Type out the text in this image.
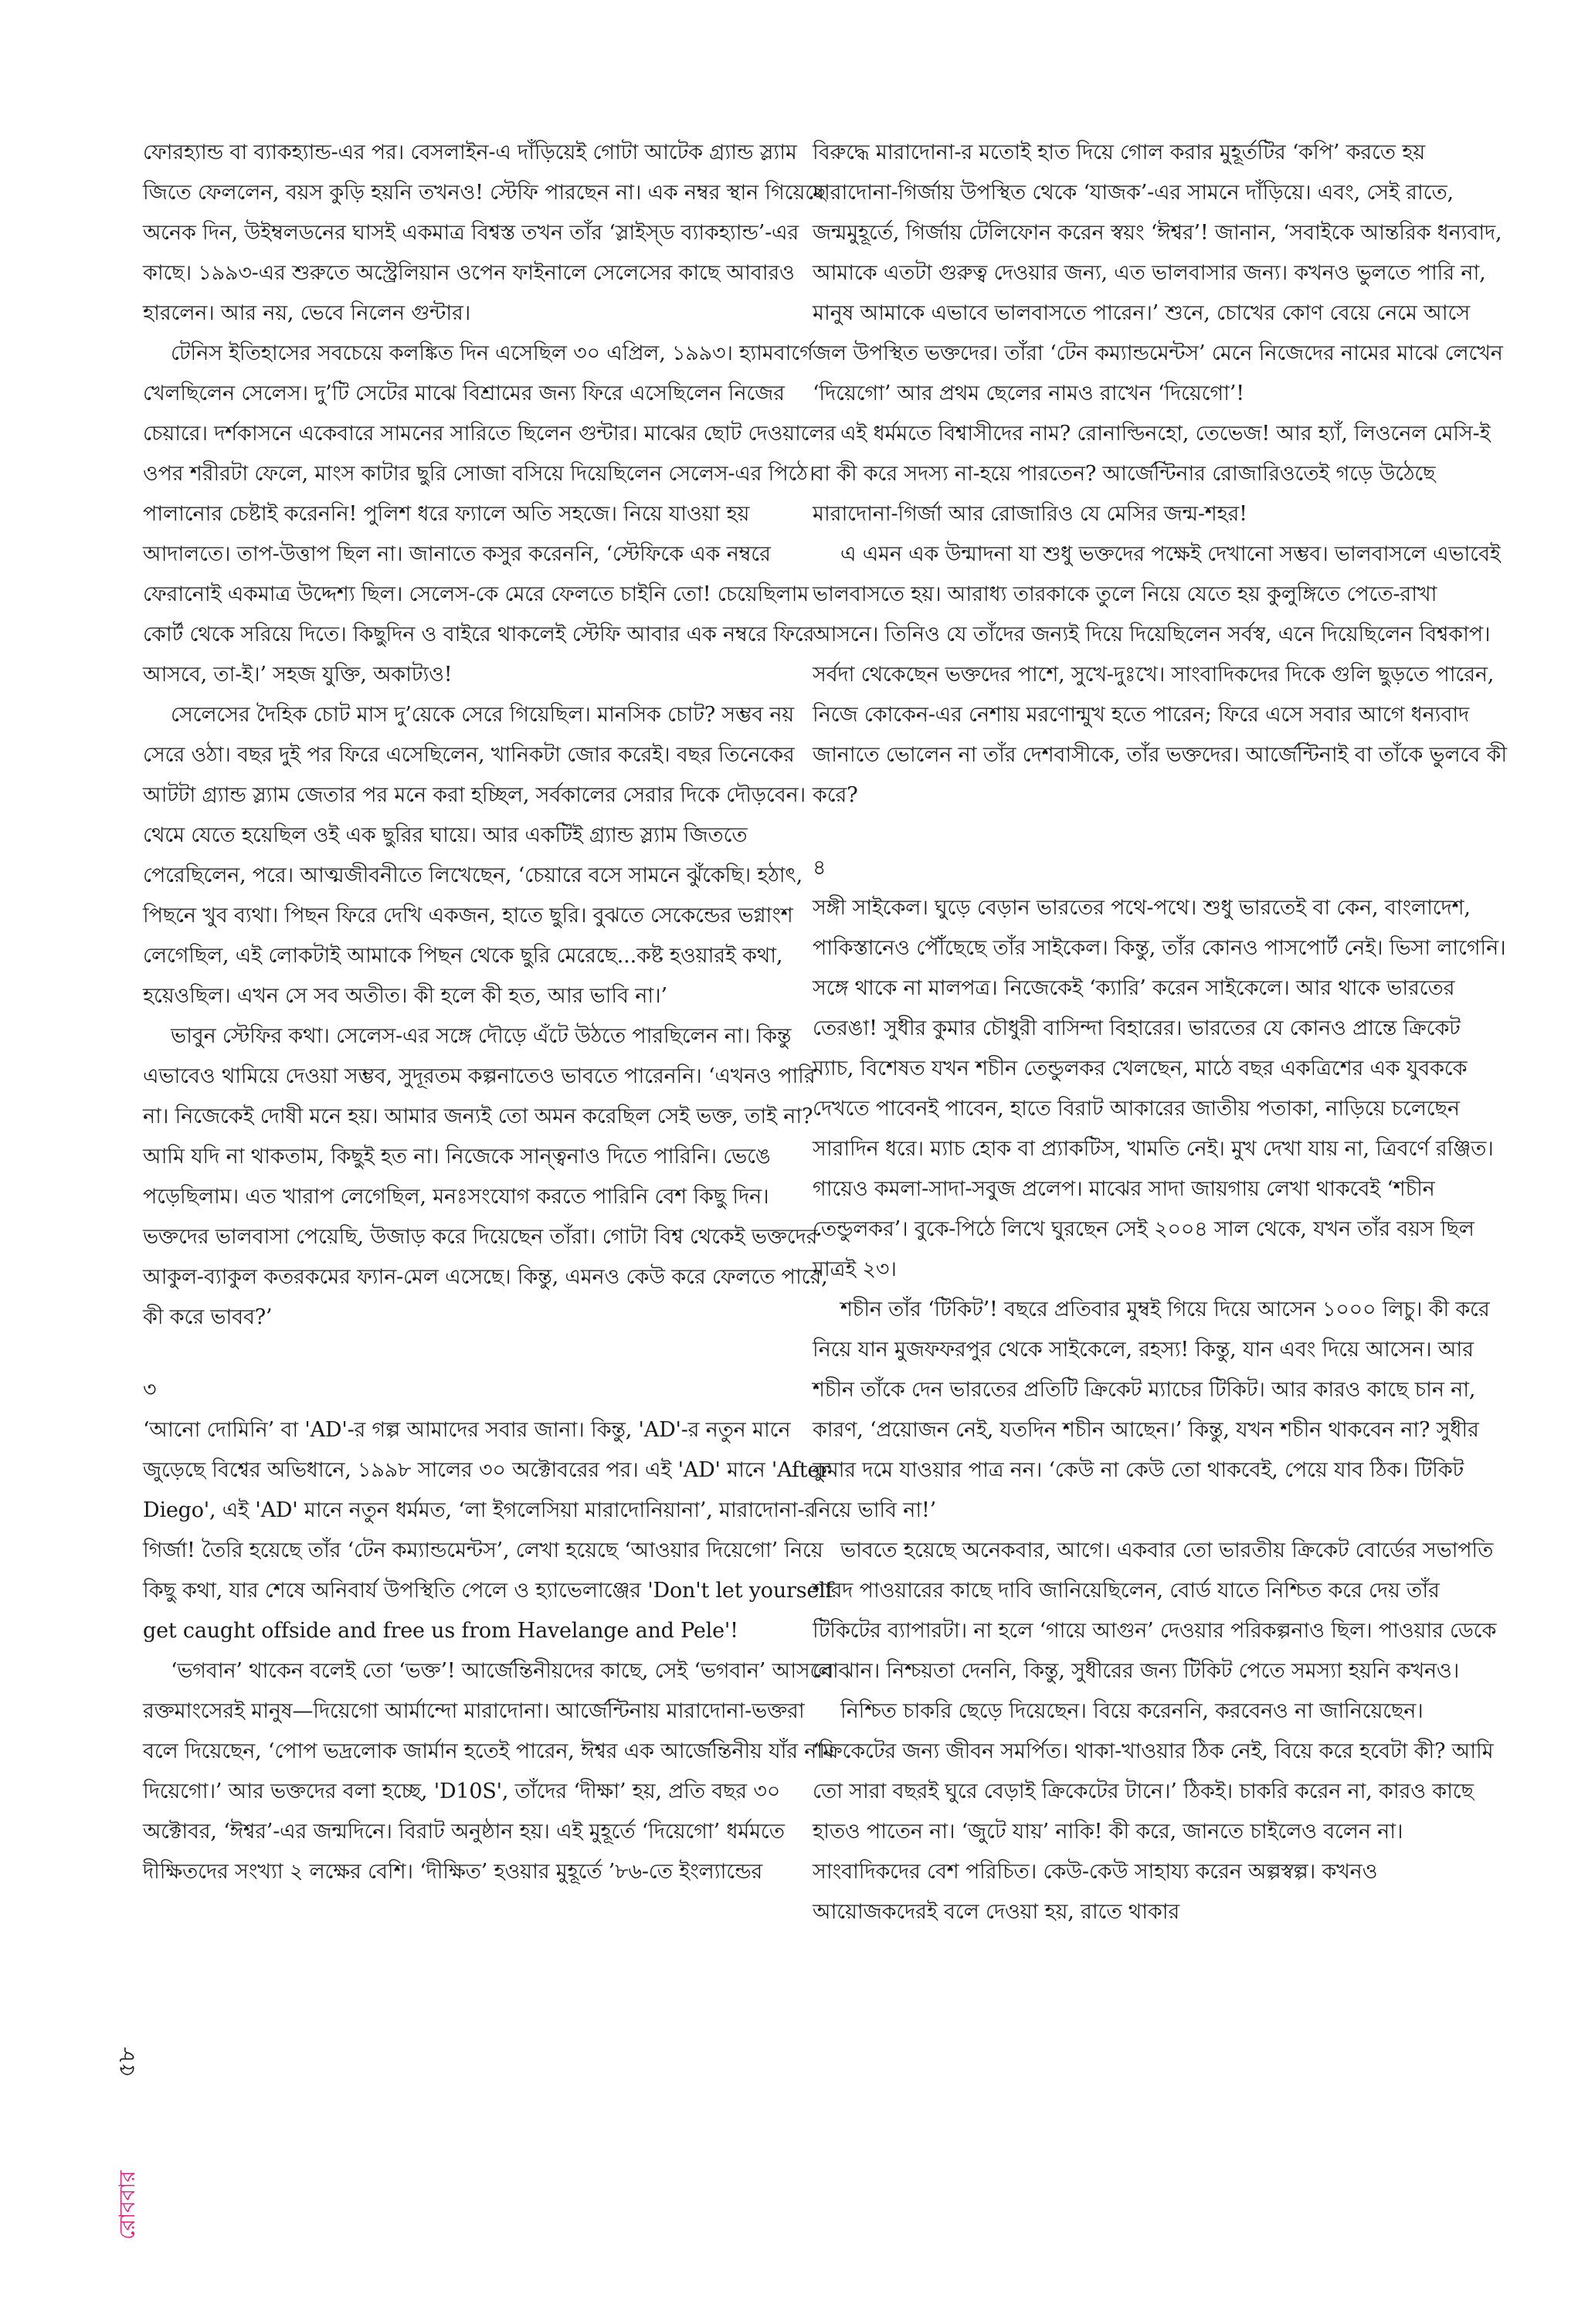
ফোরহ্যান্ড বা ব্যাকহ্যান্ড-এর পর। বেসলাইন-এ দাঁড়িয়েই গোটা আটেক গ্র্যান্ড স্ল্যাম জিতে ফেললেন, বয়স কুড়ি হয়নি তখনও! স্টেফি পারছেন না। এক নম্বর স্থান গিয়েছে অনেক দিন, উইম্বলডনের ঘাসই একমাত্র বিশ্বস্ত তখন তাঁর ‘স্লাইস্‌ড ব্যাকহ্যান্ড’-এর কাছে। ১৯৯৩-এর শুরুতে অস্ট্রেলিয়ান ওপেন ফাইনালে সেলেসের কাছে আবারও হারলেন। আর নয়, ভেবে নিলেন গুন্টার।

টেনিস ইতিহাসের সবচেয়ে কলঙ্কিত দিন এসেছিল ৩০ এপ্রিল, ১৯৯৩। হ্যামবার্গে খেলছিলেন সেলেস। দু’টি সেটের মাঝে বিশ্রামের জন্য ফিরে এসেছিলেন নিজের চেয়ারে। দর্শকাসনে একেবারে সামনের সারিতে ছিলেন গুন্টার। মাঝের ছোট দেওয়ালের ওপর শরীরটা ফেলে, মাংস কাটার ছুরি সোজা বসিয়ে দিয়েছিলেন সেলেস-এর পিঠে। পালানোর চেষ্টাই করেননি! পুলিশ ধরে ফ্যালে অতি সহজে। নিয়ে যাওয়া হয় আদালতে। তাপ-উত্তাপ ছিল না। জানাতে কসুর করেননি, ‘স্টেফিকে এক নম্বরে ফেরানোই একমাত্র উদ্দেশ্য ছিল। সেলেস-কে মেরে ফেলতে চাইনি তো! চেয়েছিলাম কোর্ট থেকে সরিয়ে দিতে। কিছুদিন ও বাইরে থাকলেই স্টেফি আবার এক নম্বরে ফিরে আসবে, তা-ই।’ সহজ যুক্তি, অকাট্যও!

সেলেসের দৈহিক চোট মাস দু’য়েকে সেরে গিয়েছিল। মানসিক চোট? সম্ভব নয় সেরে ওঠা। বছর দুই পর ফিরে এসেছিলেন, খানিকটা জোর করেই। বছর তিনেকের আটটা গ্র্যান্ড স্ল্যাম জেতার পর মনে করা হচ্ছিল, সর্বকালের সেরার দিকে দৌড়বেন। থেমে যেতে হয়েছিল ওই এক ছুরির ঘায়ে। আর একটিই গ্র্যান্ড স্ল্যাম জিততে পেরেছিলেন, পরে। আত্মজীবনীতে লিখেছেন, ‘চেয়ারে বসে সামনে ঝুঁকেছি। হঠাৎ, পিছনে খুব ব্যথা। পিছন ফিরে দেখি একজন, হাতে ছুরি। বুঝতে সেকেন্ডের ভগ্নাংশ লেগেছিল, এই লোকটাই আমাকে পিছন থেকে ছুরি মেরেছে...কষ্ট হওয়ারই কথা, হয়েওছিল। এখন সে সব অতীত। কী হলে কী হত, আর ভাবি না।’

ভাবুন স্টেফির কথা। সেলেস-এর সঙ্গে দৌড়ে এঁটে উঠতে পারছিলেন না। কিন্তু এভাবেও থামিয়ে দেওয়া সম্ভব, সুদূরতম কল্পনাতেও ভাবতে পারেননি। ‘এখনও পারি না। নিজেকেই দোষী মনে হয়। আমার জন্যই তো অমন করেছিল সেই ভক্ত, তাই না? আমি যদি না থাকতাম, কিছুই হত না। নিজেকে সান্ত্বনাও দিতে পারিনি। ভেঙে পড়েছিলাম। এত খারাপ লেগেছিল, মনঃসংযোগ করতে পারিনি বেশ কিছু দিন। ভক্তদের ভালবাসা পেয়েছি, উজাড় করে দিয়েছেন তাঁরা। গোটা বিশ্ব থেকেই ভক্তদের আকুল-ব্যাকুল কতরকমের ফ্যান-মেল এসেছে। কিন্তু, এমনও কেউ করে ফেলতে পারে, কী করে ভাবব?’

৩

‘আনো দোমিনি’ বা 'AD'-র গল্প আমাদের সবার জানা। কিন্তু, 'AD'-র নতুন মানে জুড়েছে বিশ্বের অভিধানে, ১৯৯৮ সালের ৩০ অক্টোবরের পর। এই 'AD' মানে 'After Diego', এই 'AD' মানে নতুন ধর্মমত, ‘লা ইগলেসিয়া মারাদোনিয়ানা’, মারাদোনা-র গির্জা! তৈরি হয়েছে তাঁর ‘টেন কম্যান্ডমেন্টস’, লেখা হয়েছে ‘আওয়ার দিয়েগো’ নিয়ে কিছু কথা, যার শেষে অনিবার্য উপস্থিতি পেলে ও হ্যাভেলাঞ্জের 'Don't let yourself get caught offside and free us from Havelange and Pele'!

‘ভগবান’ থাকেন বলেই তো ‘ভক্ত’! আর্জেন্তিনীয়দের কাছে, সেই ‘ভগবান’ আসলে রক্তমাংসেরই মানুষ—দিয়েগো আর্মান্দো মারাদোনা। আর্জেন্টিনায় মারাদোনা-ভক্তরা বলে দিয়েছেন, ‘পোপ ভদ্রলোক জার্মান হতেই পারেন, ঈশ্বর এক আর্জেন্তিনীয় যাঁর নাম দিয়েগো।’ আর ভক্তদের বলা হচ্ছে, 'D10S', তাঁদের ‘দীক্ষা’ হয়, প্রতি বছর ৩০ অক্টোবর, ‘ঈশ্বর’-এর জন্মদিনে। বিরাট অনুষ্ঠান হয়। এই মুহূর্তে ‘দিয়েগো’ ধর্মমতে দীক্ষিতদের সংখ্যা ২ লক্ষের বেশি। ‘দীক্ষিত’ হওয়ার মুহূর্তে ’৮৬-তে ইংল্যান্ডের

বিরুদ্ধে মারাদোনা-র মতোই হাত দিয়ে গোল করার মুহূর্তটির ‘কপি’ করতে হয় মারাদোনা-গির্জায় উপস্থিত থেকে ‘যাজক’-এর সামনে দাঁড়িয়ে। এবং, সেই রাতে, জন্মমুহূর্তে, গির্জায় টেলিফোন করেন স্বয়ং ‘ঈশ্বর’! জানান, ‘সবাইকে আন্তরিক ধন্যবাদ, আমাকে এতটা গুরুত্ব দেওয়ার জন্য, এত ভালবাসার জন্য। কখনও ভুলতে পারি না, মানুষ আমাকে এভাবে ভালবাসতে পারেন।’ শুনে, চোখের কোণ বেয়ে নেমে আসে জল উপস্থিত ভক্তদের। তাঁরা ‘টেন কম্যান্ডমেন্টস’ মেনে নিজেদের নামের মাঝে লেখেন ‘দিয়েগো’ আর প্রথম ছেলের নামও রাখেন ‘দিয়েগো’!

এই ধর্মমতে বিশ্বাসীদের নাম? রোনাল্ডিনহো, তেভেজ! আর হ্যাঁ, লিওনেল মেসি-ই বা কী করে সদস্য না-হয়ে পারতেন? আর্জেন্টিনার রোজারিওতেই গড়ে উঠেছে মারাদোনা-গির্জা আর রোজারিও যে মেসির জন্ম-শহর!

এ এমন এক উন্মাদনা যা শুধু ভক্তদের পক্ষেই দেখানো সম্ভব। ভালবাসলে এভাবেই ভালবাসতে হয়। আরাধ্য তারকাকে তুলে নিয়ে যেতে হয় কুলুঙ্গিতে পেতে-রাখা আসনে। তিনিও যে তাঁদের জন্যই দিয়ে দিয়েছিলেন সর্বস্ব, এনে দিয়েছিলেন বিশ্বকাপ। সর্বদা থেকেছেন ভক্তদের পাশে, সুখে-দুঃখে। সাংবাদিকদের দিকে গুলি ছুড়তে পারেন, নিজে কোকেন-এর নেশায় মরণোন্মুখ হতে পারেন; ফিরে এসে সবার আগে ধন্যবাদ জানাতে ভোলেন না তাঁর দেশবাসীকে, তাঁর ভক্তদের। আর্জেন্টিনাই বা তাঁকে ভুলবে কী করে?

৪

সঙ্গী সাইকেল। ঘুড়ে বেড়ান ভারতের পথে-পথে। শুধু ভারতেই বা কেন, বাংলাদেশ, পাকিস্তানেও পৌঁছেছে তাঁর সাইকেল। কিন্তু, তাঁর কোনও পাসপোর্ট নেই। ভিসা লাগেনি। সঙ্গে থাকে না মালপত্র। নিজেকেই ‘ক্যারি’ করেন সাইকেলে। আর থাকে ভারতের তেরঙা! সুধীর কুমার চৌধুরী বাসিন্দা বিহারের। ভারতের যে কোনও প্রান্তে ক্রিকেট ম্যাচ, বিশেষত যখন শচীন তেন্ডুলকর খেলছেন, মাঠে বছর একত্রিশের এক যুবককে দেখতে পাবেনই পাবেন, হাতে বিরাট আকারের জাতীয় পতাকা, নাড়িয়ে চলেছেন সারাদিন ধরে। ম্যাচ হোক বা প্র্যাকটিস, খামতি নেই। মুখ দেখা যায় না, ত্রিবর্ণে রঞ্জিত। গায়েও কমলা-সাদা-সবুজ প্রলেপ। মাঝের সাদা জায়গায় লেখা থাকবেই ‘শচীন তেন্ডুলকর’। বুকে-পিঠে লিখে ঘুরছেন সেই ২০০৪ সাল থেকে, যখন তাঁর বয়স ছিল মাত্রই ২৩।

শচীন তাঁর ‘টিকিট’! বছরে প্রতিবার মুম্বই গিয়ে দিয়ে আসেন ১০০০ লিচু। কী করে নিয়ে যান মুজফফরপুর থেকে সাইকেলে, রহস্য! কিন্তু, যান এবং দিয়ে আসেন। আর শচীন তাঁকে দেন ভারতের প্রতিটি ক্রিকেট ম্যাচের টিকিট। আর কারও কাছে চান না, কারণ, ‘প্রয়োজন নেই, যতদিন শচীন আছেন।’ কিন্তু, যখন শচীন থাকবেন না? সুধীর কুমার দমে যাওয়ার পাত্র নন। ‘কেউ না কেউ তো থাকবেই, পেয়ে যাব ঠিক। টিকিট নিয়ে ভাবি না!’

ভাবতে হয়েছে অনেকবার, আগে। একবার তো ভারতীয় ক্রিকেট বোর্ডের সভাপতি শারদ পাওয়ারের কাছে দাবি জানিয়েছিলেন, বোর্ড যাতে নিশ্চিত করে দেয় তাঁর টিকিটের ব্যাপারটা। না হলে ‘গায়ে আগুন’ দেওয়ার পরিকল্পনাও ছিল। পাওয়ার ডেকে বোঝান। নিশ্চয়তা দেননি, কিন্তু, সুধীরের জন্য টিকিট পেতে সমস্যা হয়নি কখনও।

নিশ্চিত চাকরি ছেড়ে দিয়েছেন। বিয়ে করেননি, করবেনও না জানিয়েছেন। ‘ক্রিকেটের জন্য জীবন সমর্পিত। থাকা-খাওয়ার ঠিক নেই, বিয়ে করে হবেটা কী? আমি তো সারা বছরই ঘুরে বেড়াই ক্রিকেটের টানে।’ ঠিকই। চাকরি করেন না, কারও কাছে হাতও পাতেন না। ‘জুটে যায়’ নাকি! কী করে, জানতে চাইলেও বলেন না। সাংবাদিকদের বেশ পরিচিত। কেউ-কেউ সাহায্য করেন অল্পস্বল্প। কখনও আয়োজকদেরই বলে দেওয়া হয়, রাতে থাকার

৫৮
রোববার
